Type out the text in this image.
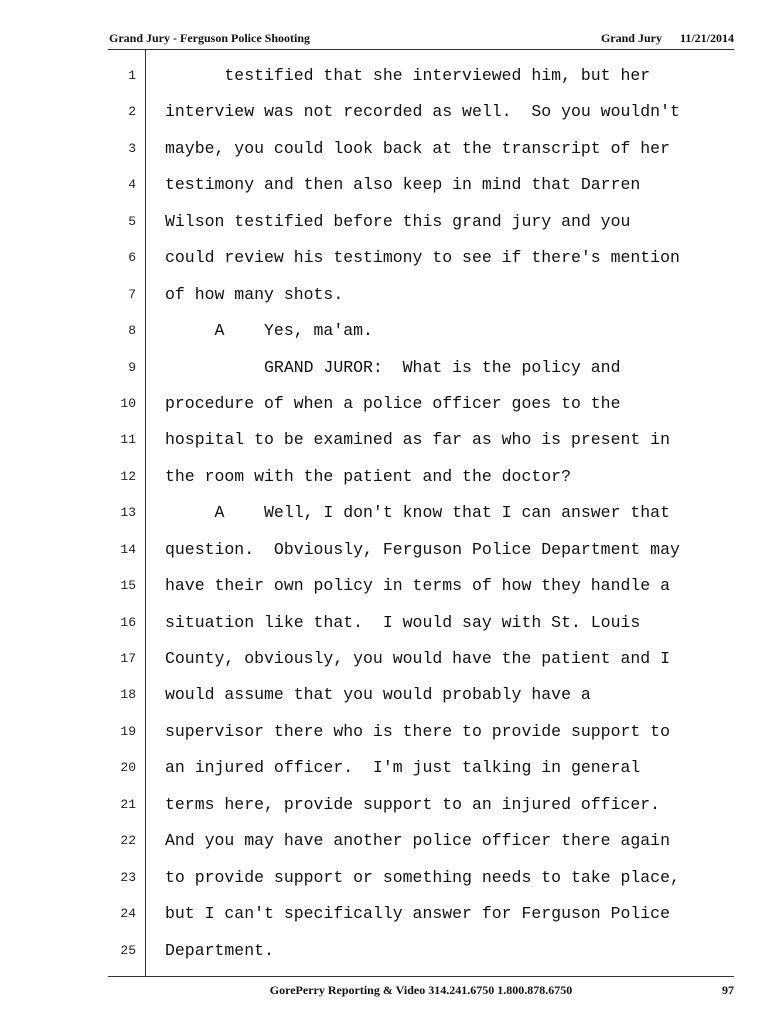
Grand Jury - Ferguson Police Shooting	Grand Jury 11/21/2014
1
2
3
4
5
6
7
8
9
10
11
12
13
14
15
16
17
18
19
20
21
22
23
24
25
testified that she interviewed him, but her
interview was not recorded as well.  So you wouldn't
maybe, you could look back at the transcript of her
testimony and then also keep in mind that Darren
Wilson testified before this grand jury and you
could review his testimony to see if there's mention
of how many shots.
A    Yes, ma'am.
GRAND JUROR:  What is the policy and
procedure of when a police officer goes to the
hospital to be examined as far as who is present in
the room with the patient and the doctor?
A    Well, I don't know that I can answer that
question.  Obviously, Ferguson Police Department may
have their own policy in terms of how they handle a
situation like that.  I would say with St. Louis
County, obviously, you would have the patient and I
would assume that you would probably have a
supervisor there who is there to provide support to
an injured officer.  I'm just talking in general
terms here, provide support to an injured officer.
And you may have another police officer there again
to provide support or something needs to take place,
but I can't specifically answer for Ferguson Police
Department.
GorePerry Reporting & Video 314.241.6750 1.800.878.6750	97
